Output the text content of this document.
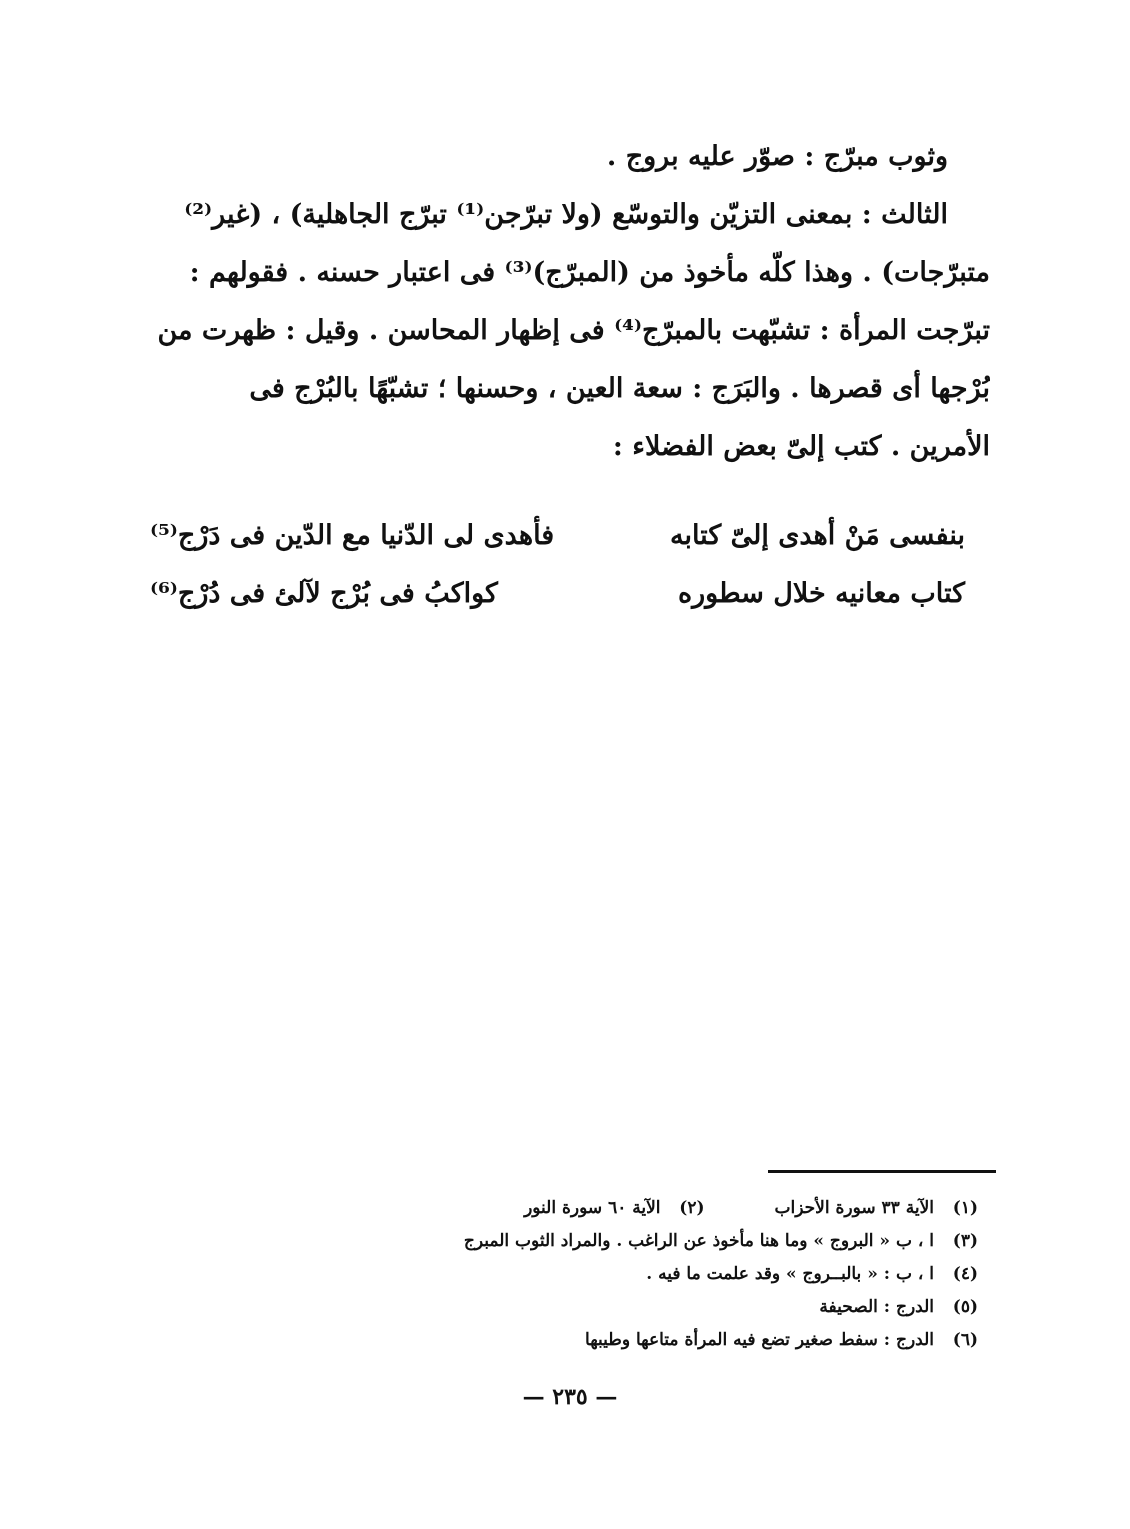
وثوب مبرّج : صوّر عليه بروج .
الثالث : بمعنى التزيّن والتوسّع (ولا تبرّجن⁽¹⁾ تبرّج الجاهلية) ، (غير⁽²⁾
متبرّجات) . وهذا كلّه مأخوذ من (المبرّج)⁽³⁾ فى اعتبار حسنه . فقولهم :
تبرّجت المرأة : تشبّهت بالمبرّج⁽⁴⁾ فى إظهار المحاسن . وقيل : ظهرت من
بُرْجها أى قصرها . والبَرَج : سعة العين ، وحسنها ؛ تشبّهًا بالبُرْج فى
الأمرين . كتب إلىّ بعض الفضلاء :
بنفسى مَنْ أهدى إلىّ كتابه
فأهدى لى الدّنيا مع الدّين فى دَرْج⁽⁵⁾
كتاب معانيه خلال سطوره
كواكبُ فى بُرْج لآلئ فى دُرْج⁽⁶⁾
(١)الآية ٣٣ سورة الأحزاب(٢)الآية ٦٠ سورة النور
(٣)ا ، ب « البروج » وما هنا مأخوذ عن الراغب . والمراد الثوب المبرج
(٤)ا ، ب : « بالبــروج » وقد علمت ما فيه .
(٥)الدرج : الصحيفة
(٦)الدرج : سفط صغير تضع فيه المرأة متاعها وطيبها
— ٢٣٥ —
